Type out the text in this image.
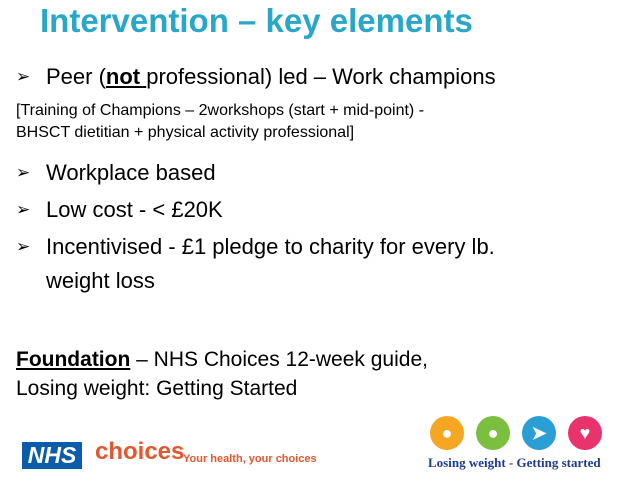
Intervention – key elements
➢ Peer (not professional) led – Work champions
[Training of Champions – 2workshops (start + mid-point) -
BHSCT dietitian + physical activity professional]
➢ Workplace based
➢ Low cost - < £20K
➢ Incentivised - £1 pledge to charity for every lb.
weight loss
Foundation – NHS Choices 12-week guide,
Losing weight: Getting Started
NHS choices
Your health, your choices
●	●	➤	♥
Losing weight - Getting started
